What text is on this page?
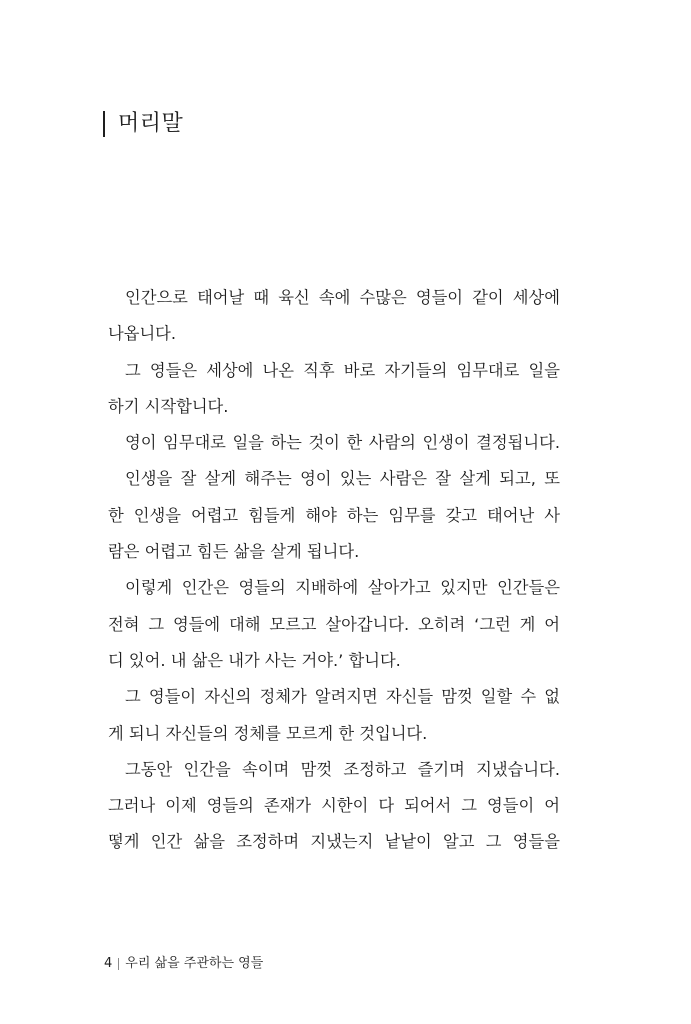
머리말
인간으로 태어날 때 육신 속에 수많은 영들이 같이 세상에
나옵니다.
그 영들은 세상에 나온 직후 바로 자기들의 임무대로 일을
하기 시작합니다.
영이 임무대로 일을 하는 것이 한 사람의 인생이 결정됩니다.
인생을 잘 살게 해주는 영이 있는 사람은 잘 살게 되고, 또
한 인생을 어렵고 힘들게 해야 하는 임무를 갖고 태어난 사
람은 어렵고 힘든 삶을 살게 됩니다.
이렇게 인간은 영들의 지배하에 살아가고 있지만 인간들은
전혀 그 영들에 대해 모르고 살아갑니다. 오히려 ‘그런 게 어
디 있어. 내 삶은 내가 사는 거야.’ 합니다.
그 영들이 자신의 정체가 알려지면 자신들 맘껏 일할 수 없
게 되니 자신들의 정체를 모르게 한 것입니다.
그동안 인간을 속이며 맘껏 조정하고 즐기며 지냈습니다.
그러나 이제 영들의 존재가 시한이 다 되어서 그 영들이 어
떻게 인간 삶을 조정하며 지냈는지 낱낱이 알고 그 영들을
4 우리 삶을 주관하는 영들
